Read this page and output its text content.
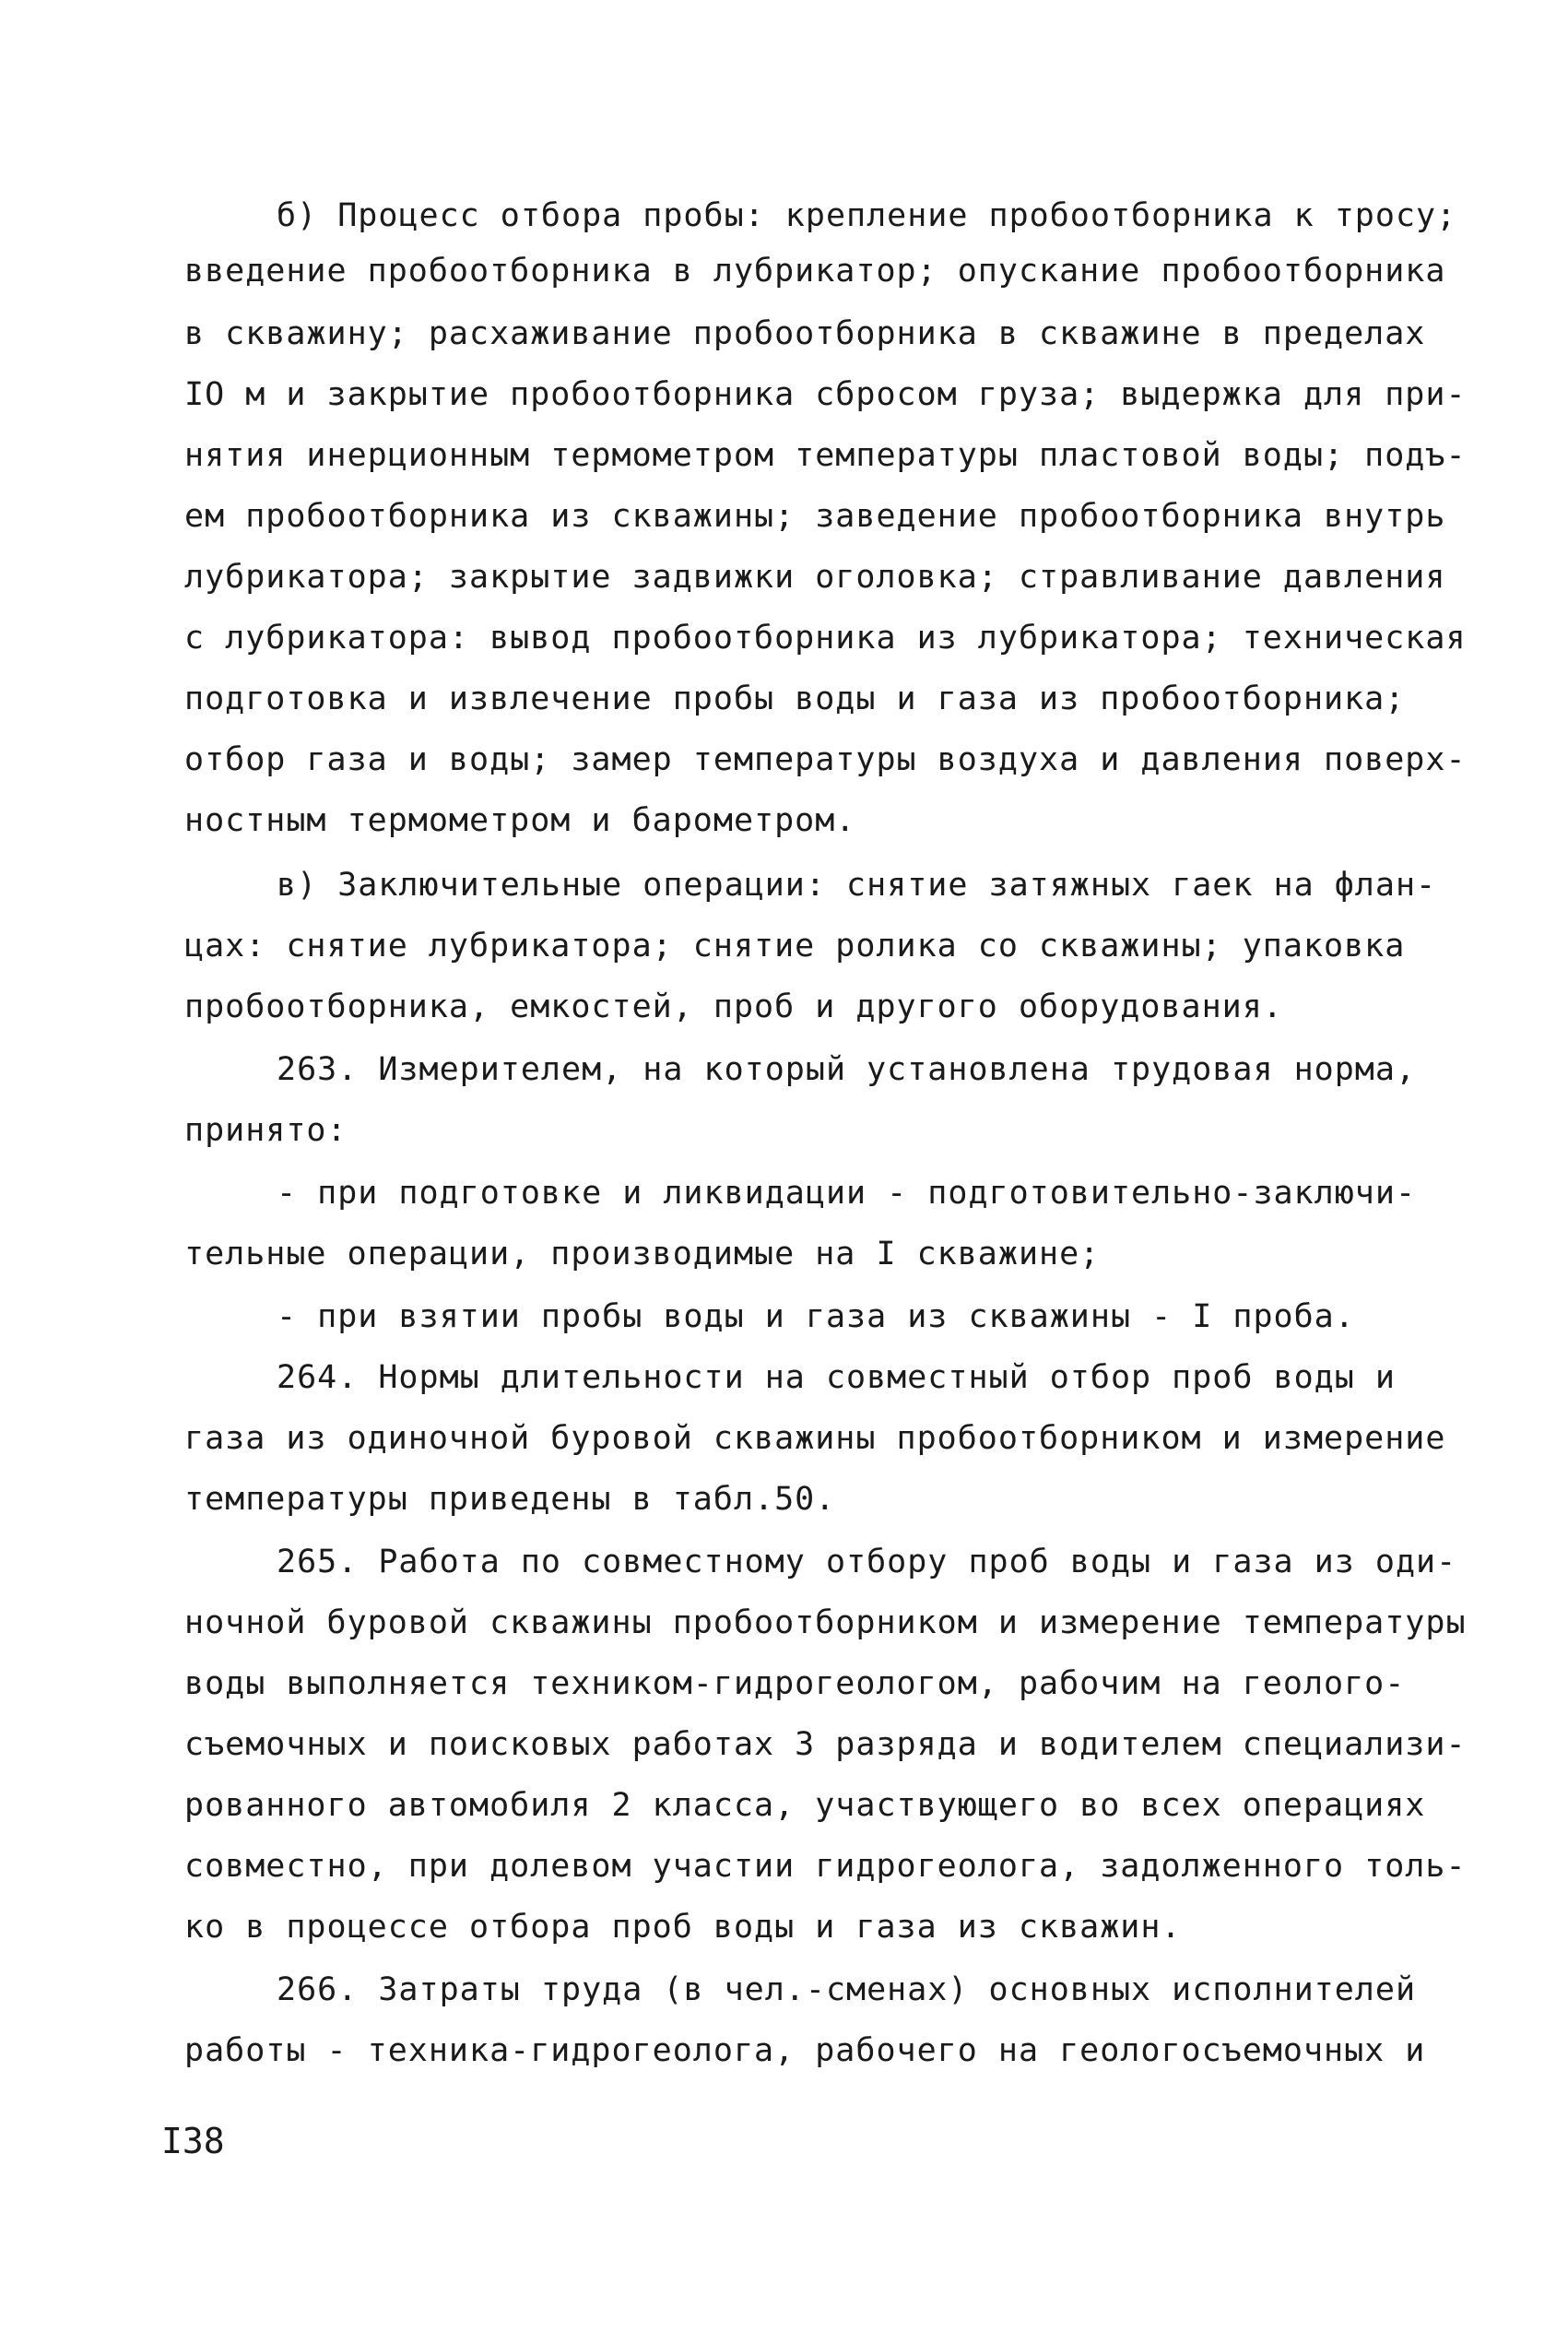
б) Процесс отбора пробы: крепление пробоотборника к тросу;
введение пробоотборника в лубрикатор; опускание пробоотборника
в скважину; расхаживание пробоотборника в скважине в пределах
IO м и закрытие пробоотборника сбросом груза; выдержка для при-
нятия инерционным термометром температуры пластовой воды; подъ-
ем пробоотборника из скважины; заведение пробоотборника внутрь
лубрикатора; закрытие задвижки оголовка; стравливание давления
с лубрикатора: вывод пробоотборника из лубрикатора; техническая
подготовка и извлечение пробы воды и газа из пробоотборника;
отбор газа и воды; замер температуры воздуха и давления поверх-
ностным термометром и барометром.
в) Заключительные операции: снятие затяжных гаек на флан-
цах: снятие лубрикатора; снятие ролика со скважины; упаковка
пробоотборника, емкостей, проб и другого оборудования.
263. Измерителем, на который установлена трудовая норма,
принято:
- при подготовке и ликвидации - подготовительно-заключи-
тельные операции, производимые на I скважине;
- при взятии пробы воды и газа из скважины - I проба.
264. Нормы длительности на совместный отбор проб воды и
газа из одиночной буровой скважины пробоотборником и измерение
температуры приведены в табл.50.
265. Работа по совместному отбору проб воды и газа из оди-
ночной буровой скважины пробоотборником и измерение температуры
воды выполняется техником-гидрогеологом, рабочим на геолого-
съемочных и поисковых работах 3 разряда и водителем специализи-
рованного автомобиля 2 класса, участвующего во всех операциях
совместно, при долевом участии гидрогеолога, задолженного толь-
ко в процессе отбора проб воды и газа из скважин.
266. Затраты труда (в чел.-сменах) основных исполнителей
работы - техника-гидрогеолога, рабочего на геологосъемочных и
I38
